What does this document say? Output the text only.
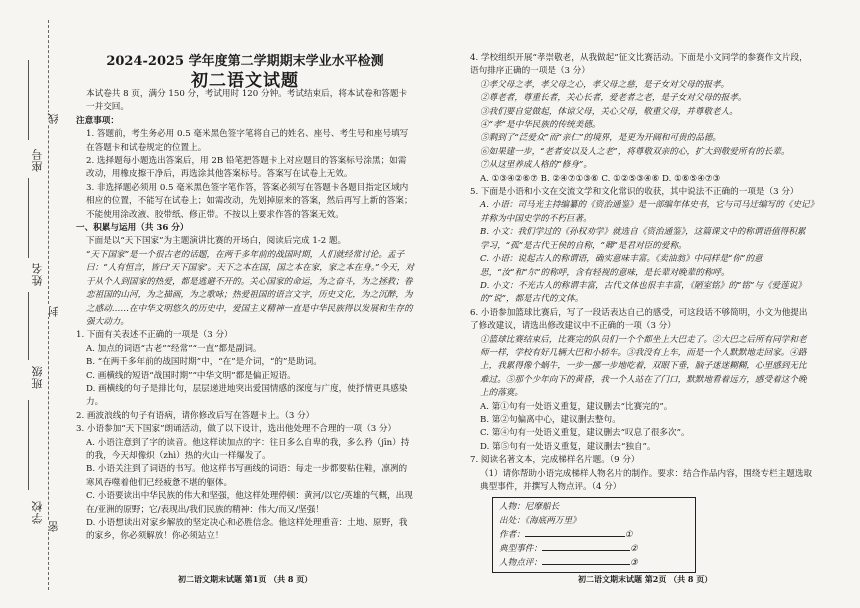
座号
姓名
班级
学校
线
封
密
2024-2025 学年度第二学期期末学业水平检测
初二语文试题

本试卷共 8 页，满分 150 分，考试用时 120 分钟。考试结束后，将本试卷和答题卡一并交回。

注意事项：

1. 答题前，考生务必用 0.5 毫米黑色签字笔将自己的姓名、座号、考生号和座号填写在答题卡和试卷规定的位置上。

2. 选择题每小题选出答案后，用 2B 铅笔把答题卡上对应题目的答案标号涂黑；如需改动，用橡皮擦干净后，再选涂其他答案标号。答案写在试卷上无效。

3. 非选择题必须用 0.5 毫米黑色签字笔作答，答案必须写在答题卡各题目指定区域内相应的位置，不能写在试卷上；如需改动，先划掉原来的答案，然后再写上新的答案；不能使用涂改液、胶带纸、修正带。不按以上要求作答的答案无效。

一、积累与运用（共 36 分）

下面是以“天下国家”为主题演讲比赛的开场白，阅读后完成 1-2 题。

“天下国家”是一个很古老的话题，在两千多年前的战国时期，人们就经常讨论。孟子曰：“人有恒言，皆曰‘天下国家’。天下之本在国，国之本在家，家之本在身。”今天，对于从个人到国家的热爱，都是逃避不开的。关心国家的命运，为之奋斗，为之拯救；眷恋祖国的山河，为之描画，为之歌咏；热爱祖国的语言文字，历史文化，为之沉醉，为之感动……在中华文明悠久的历史中，爱国主义精神一直是中华民族得以发展和生存的强大动力。

1. 下面有关表述不正确的一项是（3 分）

A. 加点的词语“古老”“经常”“一直”都是副词。

B. “在两千多年前的战国时期”中，“在”是介词，“的”是助词。

C. 画横线的短语“战国时期”“中华文明”都是偏正短语。

D. 画横线的句子是排比句，层层递进地突出爱国情感的深度与广度，使抒情更具感染力。

2. 画波浪线的句子有语病，请你修改后写在答题卡上。（3 分）

3. 小语参加“天下国家”朗诵活动，做了以下设计，选出他处理不合理的一项（3 分）

A. 小语注意到了字的读音。他这样读加点的字：往日多么自卑的我，多么矜（jīn）持的我，今天却像炽（zhì）热的火山一样爆发了。

B. 小语关注到了词语的书写。他这样书写画线的词语：每走一步都要粘住鞋，凛冽的寒风吞噬着他们已经疲惫不堪的躯体。

C. 小语要读出中华民族的伟大和坚强，他这样处理停顿：黄河/以它/英雄的气概，出现在/亚洲的原野；它/表现出/我们民族的精神：伟大/而又/坚强！

D. 小语想读出对家乡解放的坚定决心和必胜信念。他这样处理重音：土地、原野，我的家乡，你必须解放！你必须站立！

初二语文期末试题 第1页 （共 8 页）

4. 学校组织开展“孝崇敬老，从我做起”征文比赛活动。下面是小文同学的参赛作文片段，语句排序正确的一项是（3 分）

①孝父母之孝，孝父母之心，孝父母之慈，是子女对父母的报孝。

②尊老者，尊重长者，关心长者，爱老者之老，是子女对父母的报孝。

③我们要自觉做起，体谅父母，关心父母，敬重父母，并尊敬老人。

④“孝”是中华民族的传统美德。

⑤剩到了“泛爱众”而“亲仁”的境界，是更为开阔和可贵的品德。

⑥如果建一步，“老者安以及人之老”，将尊敬双亲的心，扩大到敬爱所有的长辈。

⑦从这里养成人格的“修身”。

A. ①③④②⑥⑦ B. ②④⑦①③⑥ C. ①②⑤③④⑥ D. ①⑥⑤④⑦③

5. 下面是小语和小文在交流文学和文化常识的收获，其中说法不正确的一项是（3 分）

A. 小语：司马光主持编纂的《资治通鉴》是一部编年体史书，它与司马迁编写的《史记》并称为中国史学的不朽巨著。

B. 小文：我们学过的《孙权劝学》就选自《资治通鉴》，这篇课文中的称谓语值得积累学习，“孤”是古代王侯的自称，“卿”是君对臣的爱称。

C. 小语：说起古人的称谓语，确实意味丰富。《卖油翁》中同样是“你”的意思，“汝”和“尔”的称呼，含有轻视的意味，是长辈对晚辈的称呼。

D. 小文：不光古人的称谓丰富，古代文体也很丰丰富，《陋室铭》的“铭”与《爱莲说》的“说”，都是古代的文体。

6. 小语参加篮球比赛后，写了一段话表达自己的感受，可这段话不够简明，小文为他提出了修改建议，请选出修改建议中不正确的一项（3 分）

①篮球比赛结束后，比赛完的队员们一个个都坐上大巴走了。②大巴之后所有同学和老师一样，学校有好几辆大巴和小轿车。③我没有上车，而是一个人默默地走回家。④路上，我累得像个蜗牛，一步一挪一步地吃着，双眼下垂，脑子迷迷糊糊，心里感到无比难过。⑤那个少年向下的黄昏，我一个人站在了门口，默默地看着远方，感受着这个晚上的落寞。

A. 第①句有一处语义重复，建议删去“比赛完的”。

B. 第②句偏离中心，建议删去整句。

C. 第④句有一处语义重复，建议删去“叹息了很多次”。

D. 第⑤句有一处语义重复，建议删去“独自”。

7. 阅读名著文本，完成梯样名片题。（9 分）

（1）请你帮助小语完成梯样人物名片的制作。要求：结合作品内容，围绕专栏主题选取典型事件，并撰写人物点评。（4 分）

人物：尼摩船长

出处：《海底两万里》

作者：	①

典型事件：	②

人物点评：	③

初二语文期末试题 第2页 （共 8 页）
